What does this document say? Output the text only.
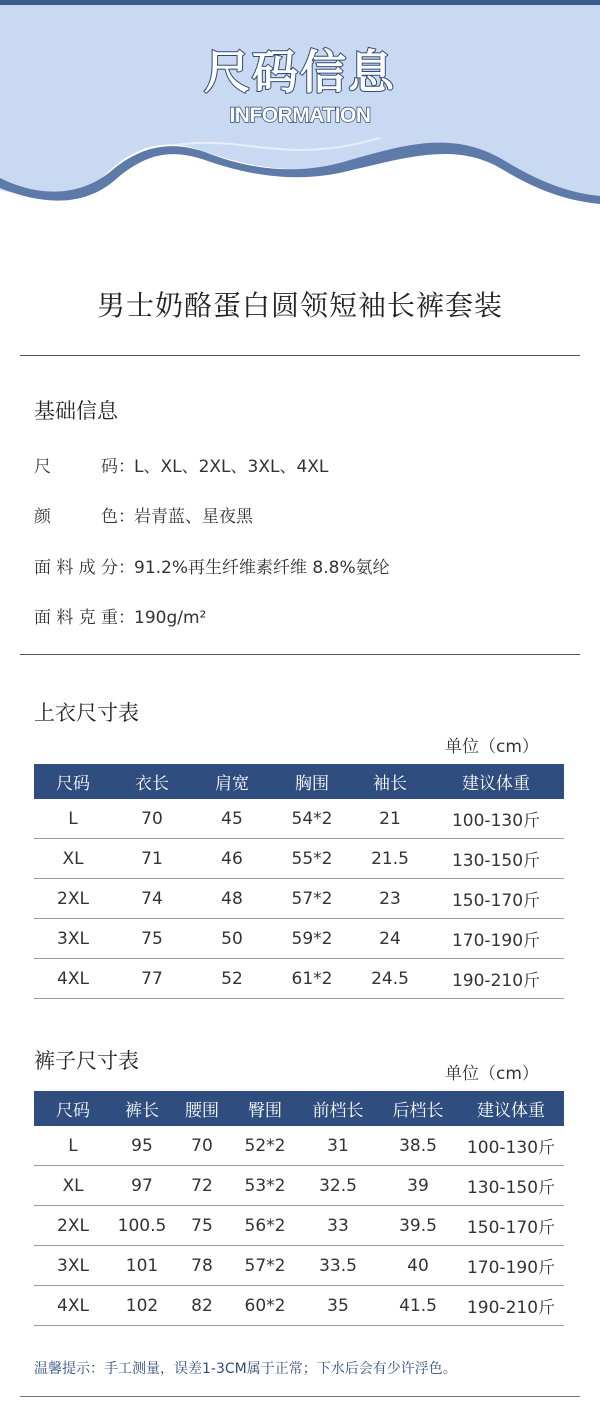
尺码信息
INFORMATION
男士奶酪蛋白圆领短袖长裤套装
基础信息
尺码：L、XL、2XL、3XL、4XL
颜色：岩青蓝、星夜黑
面料成分：91.2%再生纤维素纤维 8.8%氨纶
面料克重：190g/m²
上衣尺寸表
单位（cm）
尺码	衣长	肩宽	胸围	袖长	建议体重
L	70	45	54*2	21	100-130斤
XL	71	46	55*2	21.5	130-150斤
2XL	74	48	57*2	23	150-170斤
3XL	75	50	59*2	24	170-190斤
4XL	77	52	61*2	24.5	190-210斤
裤子尺寸表
单位（cm）
尺码	裤长	腰围	臀围	前档长	后档长	建议体重
L	95	70	52*2	31	38.5	100-130斤
XL	97	72	53*2	32.5	39	130-150斤
2XL	100.5	75	56*2	33	39.5	150-170斤
3XL	101	78	57*2	33.5	40	170-190斤
4XL	102	82	60*2	35	41.5	190-210斤
温馨提示：手工测量，误差1-3CM属于正常；下水后会有少许浮色。
